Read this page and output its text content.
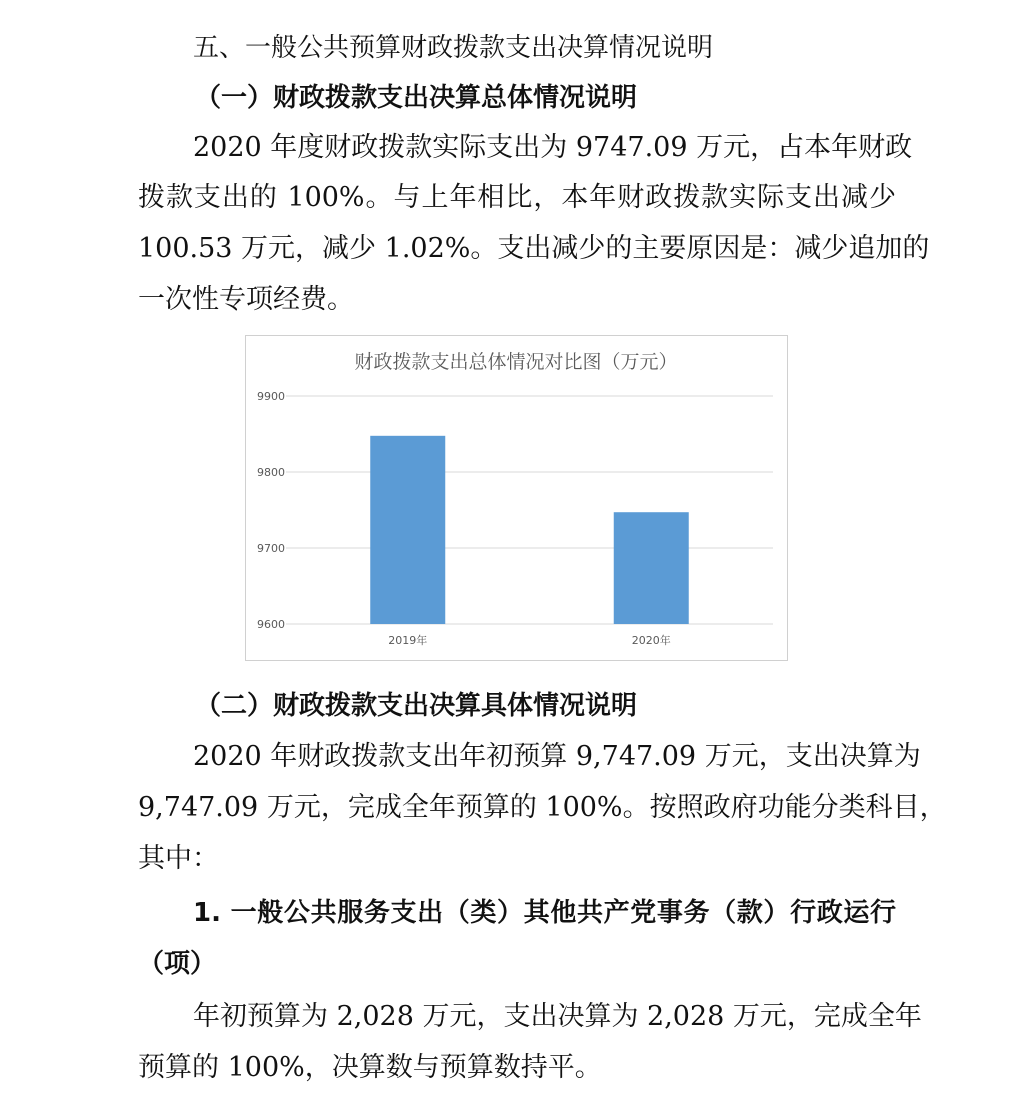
五、一般公共预算财政拨款支出决算情况说明
（一）财政拨款支出决算总体情况说明
2020 年度财政拨款实际支出为 9747.09 万元，占本年财政
拨款支出的 100%。与上年相比，本年财政拨款实际支出减少
100.53 万元，减少 1.02%。支出减少的主要原因是：减少追加的
一次性专项经费。
财政拨款支出总体情况对比图（万元）
9600
9700
9800
9900
2019年	2020年
（二）财政拨款支出决算具体情况说明
2020 年财政拨款支出年初预算 9,747.09 万元，支出决算为
9,747.09 万元，完成全年预算的 100%。按照政府功能分类科目，
其中：
1. 一般公共服务支出（类）其他共产党事务（款）行政运行
（项）
年初预算为 2,028 万元，支出决算为 2,028 万元，完成全年
预算的 100%，决算数与预算数持平。
